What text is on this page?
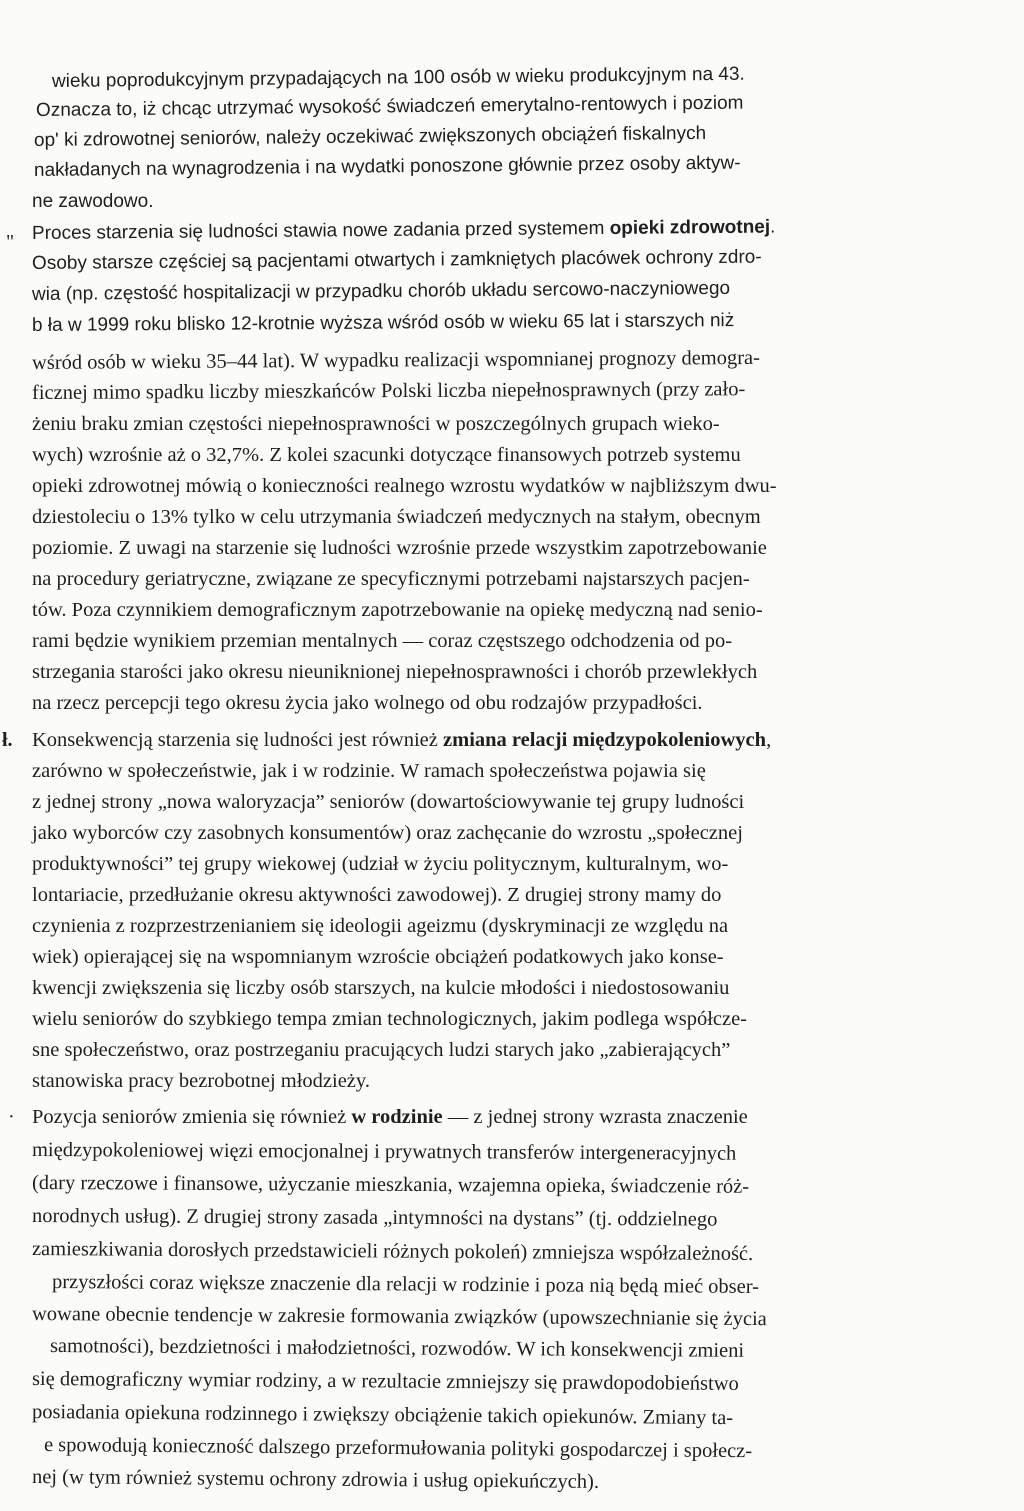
wieku poprodukcyjnym przypadających na 100 osób w wieku produkcyjnym na 43.
Oznacza to, iż chcąc utrzymać wysokość świadczeń emerytalno-rentowych i poziom
op' ki zdrowotnej seniorów, należy oczekiwać zwiększonych obciążeń fiskalnych
nakładanych na wynagrodzenia i na wydatki ponoszone głównie przez osoby aktyw-
ne zawodowo.
" Proces starzenia się ludności stawia nowe zadania przed systemem opieki zdrowotnej.
Osoby starsze częściej są pacjentami otwartych i zamkniętych placówek ochrony zdro-
wia (np. częstość hospitalizacji w przypadku chorób układu sercowo-naczyniowego
b ła w 1999 roku blisko 12-krotnie wyższa wśród osób w wieku 65 lat i starszych niż
wśród osób w wieku 35–44 lat). W wypadku realizacji wspomnianej prognozy demogra-
ficznej mimo spadku liczby mieszkańców Polski liczba niepełnosprawnych (przy zało-
żeniu braku zmian częstości niepełnosprawności w poszczególnych grupach wieko-
wych) wzrośnie aż o 32,7%. Z kolei szacunki dotyczące finansowych potrzeb systemu
opieki zdrowotnej mówią o konieczności realnego wzrostu wydatków w najbliższym dwu-
dziestoleciu o 13% tylko w celu utrzymania świadczeń medycznych na stałym, obecnym
poziomie. Z uwagi na starzenie się ludności wzrośnie przede wszystkim zapotrzebowanie
na procedury geriatryczne, związane ze specyficznymi potrzebami najstarszych pacjen-
tów. Poza czynnikiem demograficznym zapotrzebowanie na opiekę medyczną nad senio-
rami będzie wynikiem przemian mentalnych — coraz częstszego odchodzenia od po-
strzegania starości jako okresu nieuniknionej niepełnosprawności i chorób przewlekłych
na rzecz percepcji tego okresu życia jako wolnego od obu rodzajów przypadłości.
ł. Konsekwencją starzenia się ludności jest również zmiana relacji międzypokoleniowych,
zarówno w społeczeństwie, jak i w rodzinie. W ramach społeczeństwa pojawia się
z jednej strony „nowa waloryzacja” seniorów (dowartościowywanie tej grupy ludności
jako wyborców czy zasobnych konsumentów) oraz zachęcanie do wzrostu „społecznej
produktywności” tej grupy wiekowej (udział w życiu politycznym, kulturalnym, wo-
lontariacie, przedłużanie okresu aktywności zawodowej). Z drugiej strony mamy do
czynienia z rozprzestrzenianiem się ideologii ageizmu (dyskryminacji ze względu na
wiek) opierającej się na wspomnianym wzroście obciążeń podatkowych jako konse-
kwencji zwiększenia się liczby osób starszych, na kulcie młodości i niedostosowaniu
wielu seniorów do szybkiego tempa zmian technologicznych, jakim podlega współcze-
sne społeczeństwo, oraz postrzeganiu pracujących ludzi starych jako „zabierających”
stanowiska pracy bezrobotnej młodzieży.
· Pozycja seniorów zmienia się również w rodzinie — z jednej strony wzrasta znaczenie
międzypokoleniowej więzi emocjonalnej i prywatnych transferów intergeneracyjnych
(dary rzeczowe i finansowe, użyczanie mieszkania, wzajemna opieka, świadczenie róż-
norodnych usług). Z drugiej strony zasada „intymności na dystans” (tj. oddzielnego
zamieszkiwania dorosłych przedstawicieli różnych pokoleń) zmniejsza współzależność.
przyszłości coraz większe znaczenie dla relacji w rodzinie i poza nią będą mieć obser-
wowane obecnie tendencje w zakresie formowania związków (upowszechnianie się życia
samotności), bezdzietności i małodzietności, rozwodów. W ich konsekwencji zmieni
się demograficzny wymiar rodziny, a w rezultacie zmniejszy się prawdopodobieństwo
posiadania opiekuna rodzinnego i zwiększy obciążenie takich opiekunów. Zmiany ta-
e spowodują konieczność dalszego przeformułowania polityki gospodarczej i społecz-
nej (w tym również systemu ochrony zdrowia i usług opiekuńczych).
